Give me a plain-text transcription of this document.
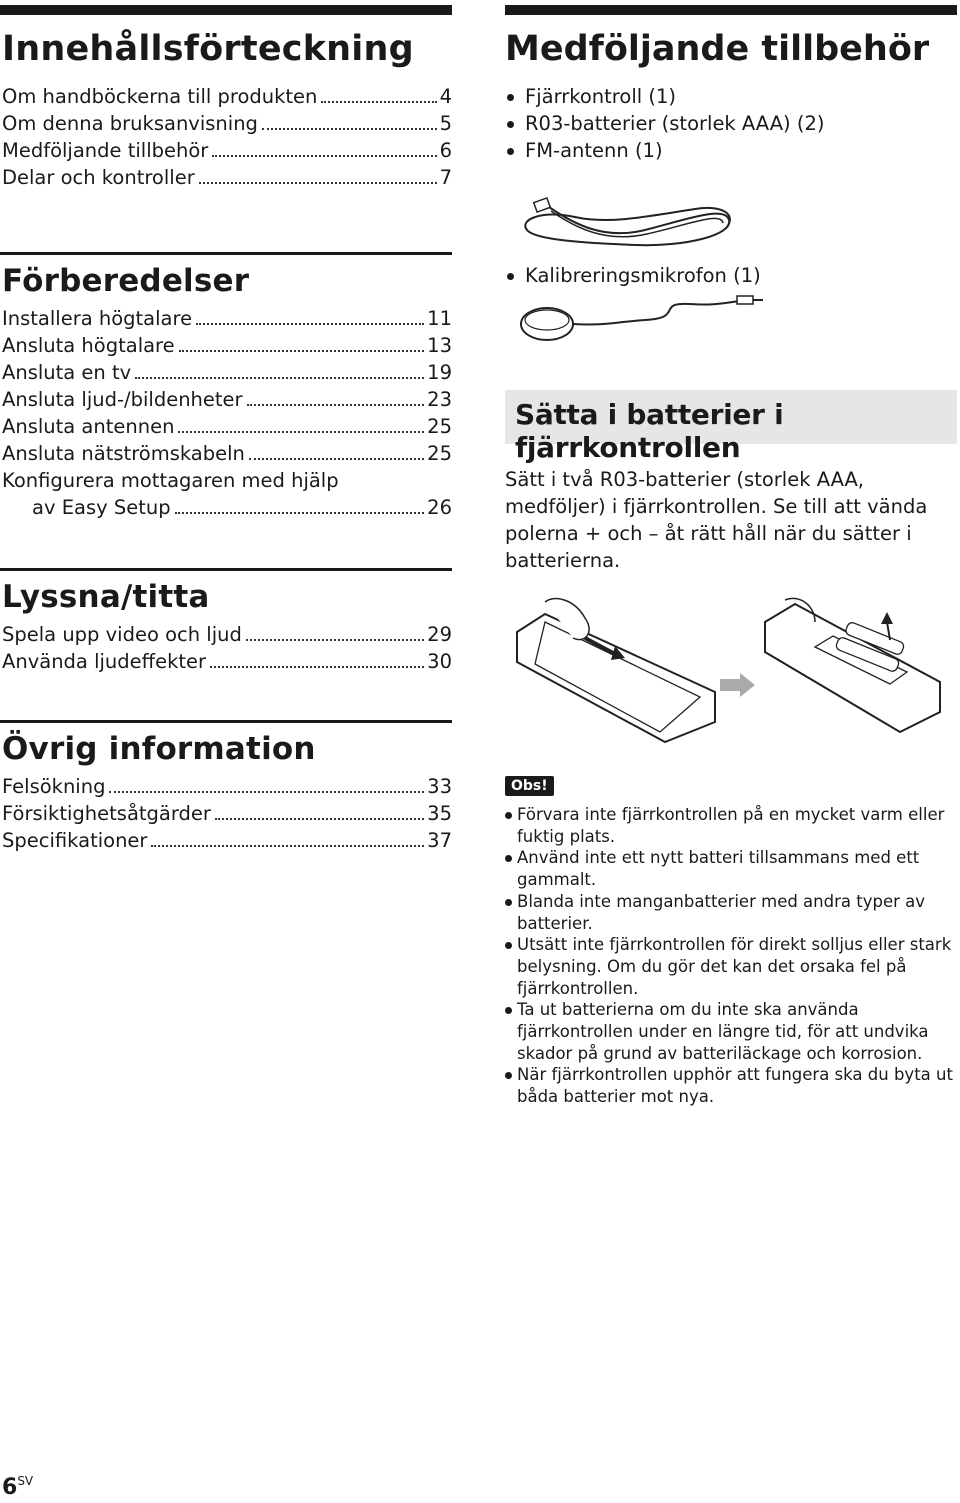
Innehållsförteckning
Om handböckerna till produkten	4
Om denna bruksanvisning	5
Medföljande tillbehör	6
Delar och kontroller	7
Förberedelser
Installera högtalare	11
Ansluta högtalare	13
Ansluta en tv	19
Ansluta ljud-/bildenheter	23
Ansluta antennen	25
Ansluta nätströmskabeln	25
Konfigurera mottagaren med hjälp
av Easy Setup	26
Lyssna/titta
Spela upp video och ljud	29
Använda ljudeffekter	30
Övrig information
Felsökning	33
Försiktighetsåtgärder	35
Specifikationer	37
Medföljande tillbehör
Fjärrkontroll (1)
R03-batterier (storlek AAA) (2)
FM-antenn (1)
Kalibreringsmikrofon (1)
Sätta i batterier i fjärrkontrollen
Sätt i två R03-batterier (storlek AAA, medföljer) i fjärrkontrollen. Se till att vända polerna + och – åt rätt håll när du sätter i batterierna.
Obs!
Förvara inte fjärrkontrollen på en mycket varm eller fuktig plats.
Använd inte ett nytt batteri tillsammans med ett gammalt.
Blanda inte manganbatterier med andra typer av batterier.
Utsätt inte fjärrkontrollen för direkt solljus eller stark belysning. Om du gör det kan det orsaka fel på fjärrkontrollen.
Ta ut batterierna om du inte ska använda fjärrkontrollen under en längre tid, för att undvika skador på grund av batteriläckage och korrosion.
När fjärrkontrollen upphör att fungera ska du byta ut båda batterier mot nya.
$6^{SV}$
